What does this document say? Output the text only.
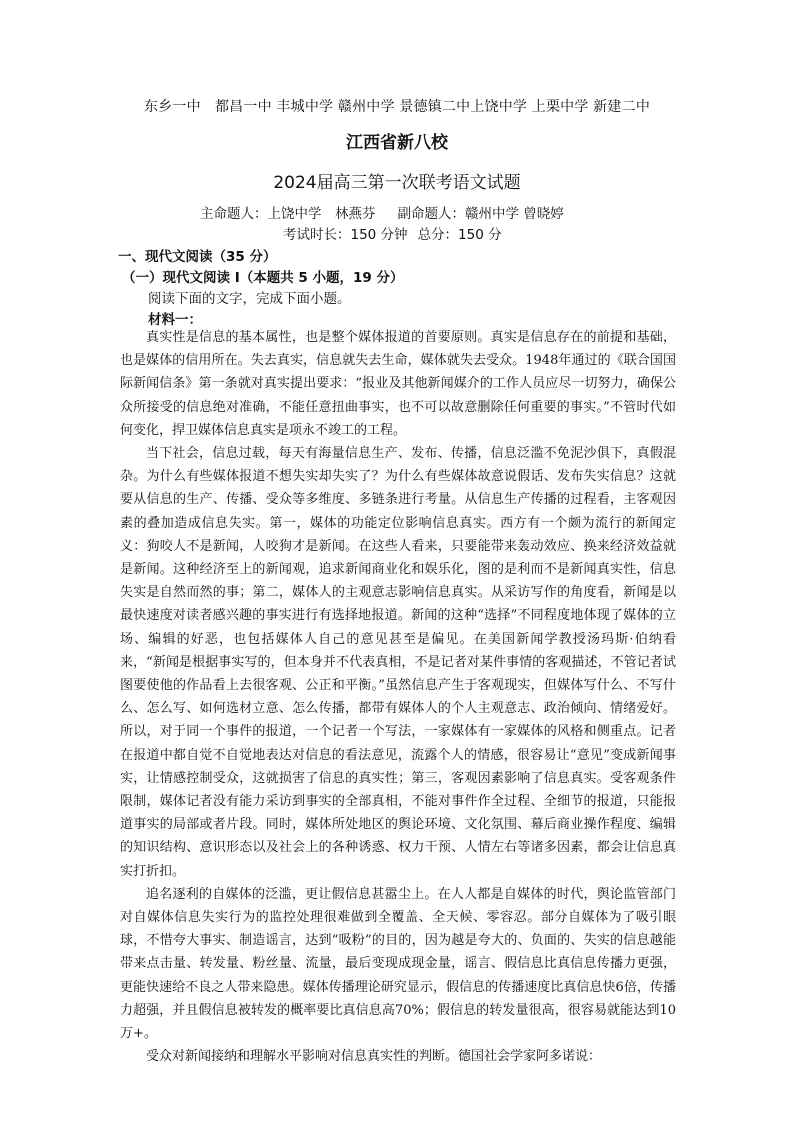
东乡一中　都昌一中 丰城中学 赣州中学 景德镇二中上饶中学 上栗中学 新建二中
江西省新八校
2024届高三第一次联考语文试题
主命题人：上饶中学　林燕芬 副命题人：赣州中学 曾晓婷
考试时长：150 分钟 总分：150 分
一、现代文阅读（35 分）
（一）现代文阅读 I（本题共 5 小题，19 分）
阅读下面的文字，完成下面小题。
材料一：

真实性是信息的基本属性，也是整个媒体报道的首要原则。真实是信息存在的前提和基础，也是媒体的信用所在。失去真实，信息就失去生命，媒体就失去受众。1948年通过的《联合国国际新闻信条》第一条就对真实提出要求：“报业及其他新闻媒介的工作人员应尽一切努力，确保公众所接受的信息绝对准确，不能任意扭曲事实，也不可以故意删除任何重要的事实。”不管时代如何变化，捍卫媒体信息真实是项永不竣工的工程。

当下社会，信息过载，每天有海量信息生产、发布、传播，信息泛滥不免泥沙俱下，真假混杂。为什么有些媒体报道不想失实却失实了？为什么有些媒体故意说假话、发布失实信息？这就要从信息的生产、传播、受众等多维度、多链条进行考量。从信息生产传播的过程看，主客观因素的叠加造成信息失实。第一，媒体的功能定位影响信息真实。西方有一个颇为流行的新闻定义：狗咬人不是新闻，人咬狗才是新闻。在这些人看来，只要能带来轰动效应、换来经济效益就是新闻。这种经济至上的新闻观，追求新闻商业化和娱乐化，图的是利而不是新闻真实性，信息失实是自然而然的事；第二，媒体人的主观意志影响信息真实。从采访写作的角度看，新闻是以最快速度对读者感兴趣的事实进行有选择地报道。新闻的这种“选择”不同程度地体现了媒体的立场、编辑的好恶，也包括媒体人自己的意见甚至是偏见。在美国新闻学教授汤玛斯·伯纳看来，“新闻是根据事实写的，但本身并不代表真相，不是记者对某件事情的客观描述，不管记者试图要使他的作品看上去很客观、公正和平衡。”虽然信息产生于客观现实，但媒体写什么、不写什么、怎么写、如何选材立意、怎么传播，都带有媒体人的个人主观意志、政治倾向、情绪爱好。所以，对于同一个事件的报道，一个记者一个写法，一家媒体有一家媒体的风格和侧重点。记者在报道中都自觉不自觉地表达对信息的看法意见，流露个人的情感，很容易让“意见”变成新闻事实，让情感控制受众，这就损害了信息的真实性；第三，客观因素影响了信息真实。受客观条件限制，媒体记者没有能力采访到事实的全部真相，不能对事件作全过程、全细节的报道，只能报道事实的局部或者片段。同时，媒体所处地区的舆论环境、文化氛围、幕后商业操作程度、编辑的知识结构、意识形态以及社会上的各种诱惑、权力干预、人情左右等诸多因素，都会让信息真实打折扣。

追名逐利的自媒体的泛滥，更让假信息甚嚣尘上。在人人都是自媒体的时代，舆论监管部门对自媒体信息失实行为的监控处理很难做到全覆盖、全天候、零容忍。部分自媒体为了吸引眼球，不惜夸大事实、制造谣言，达到“吸粉”的目的，因为越是夸大的、负面的、失实的信息越能带来点击量、转发量、粉丝量、流量，最后变现成现金量，谣言、假信息比真信息传播力更强，更能快速给不良之人带来隐患。媒体传播理论研究显示，假信息的传播速度比真信息快6倍，传播力超强，并且假信息被转发的概率要比真信息高70%；假信息的转发量很高，很容易就能达到10万+。

受众对新闻接纳和理解水平影响对信息真实性的判断。德国社会学家阿多诺说：
